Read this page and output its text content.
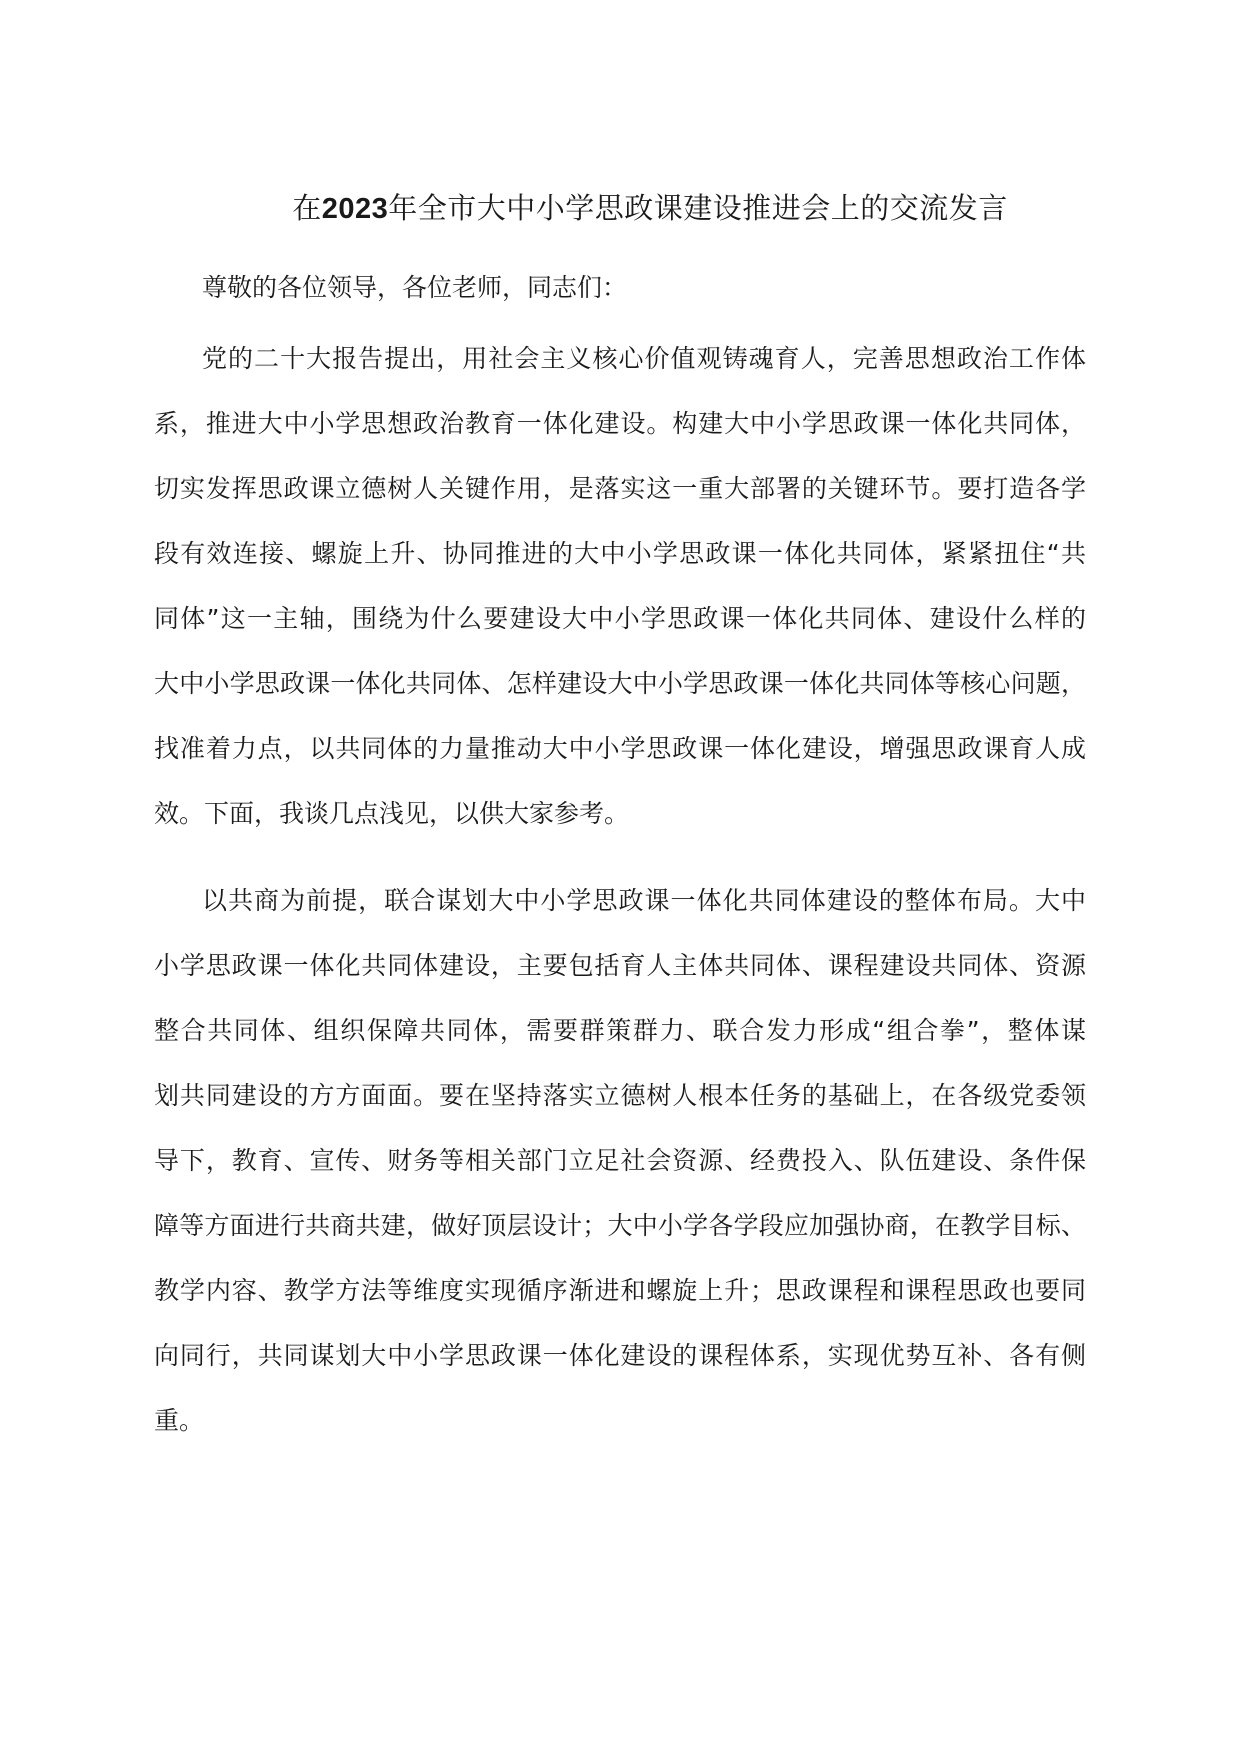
在2023年全市大中小学思政课建设推进会上的交流发言
尊敬的各位领导，各位老师，同志们：
党的二十大报告提出，用社会主义核心价值观铸魂育人，完善思想政治工作体
系，推进大中小学思想政治教育一体化建设。构建大中小学思政课一体化共同体，
切实发挥思政课立德树人关键作用，是落实这一重大部署的关键环节。要打造各学
段有效连接、螺旋上升、协同推进的大中小学思政课一体化共同体，紧紧扭住“共
同体”这一主轴，围绕为什么要建设大中小学思政课一体化共同体、建设什么样的
大中小学思政课一体化共同体、怎样建设大中小学思政课一体化共同体等核心问题，
找准着力点，以共同体的力量推动大中小学思政课一体化建设，增强思政课育人成
效。下面，我谈几点浅见，以供大家参考。
以共商为前提，联合谋划大中小学思政课一体化共同体建设的整体布局。大中
小学思政课一体化共同体建设，主要包括育人主体共同体、课程建设共同体、资源
整合共同体、组织保障共同体，需要群策群力、联合发力形成“组合拳”，整体谋
划共同建设的方方面面。要在坚持落实立德树人根本任务的基础上，在各级党委领
导下，教育、宣传、财务等相关部门立足社会资源、经费投入、队伍建设、条件保
障等方面进行共商共建，做好顶层设计；大中小学各学段应加强协商，在教学目标、
教学内容、教学方法等维度实现循序渐进和螺旋上升；思政课程和课程思政也要同
向同行，共同谋划大中小学思政课一体化建设的课程体系，实现优势互补、各有侧
重。
